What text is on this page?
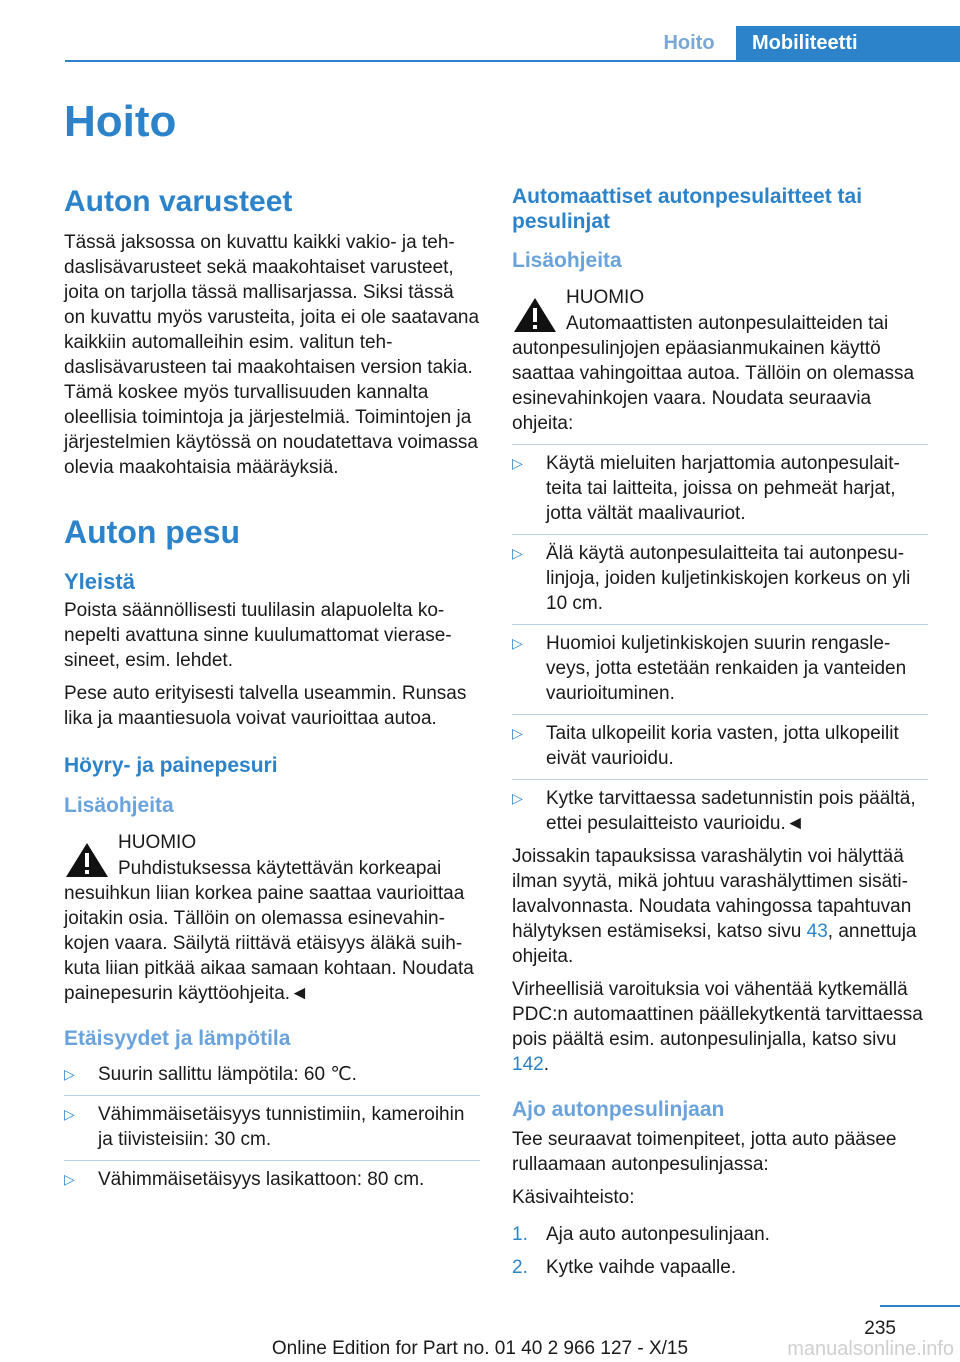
Hoito	Mobiliteetti
Hoito
Auton varusteet

Tässä jaksossa on kuvattu kaikki vakio- ja tehdaslisävarusteet sekä maakohtaiset varusteet, joita on tarjolla tässä mallisarjassa. Siksi tässä on kuvattu myös varusteita, joita ei ole saatavana kaikkiin automalleihin esim. valitun tehdaslisävarusteen tai maakohtaisen version takia. Tämä koskee myös turvallisuuden kannalta oleellisia toimintoja ja järjestelmiä. Toimintojen ja järjestelmien käytössä on noudatettava voimassa olevia maakohtaisia määräyksiä.

Auton pesu
Yleistä

Poista säännöllisesti tuulilasin alapuolelta konepelti avattuna sinne kuulumattomat vierasesineet, esim. lehdet.

Pese auto erityisesti talvella useammin. Runsas lika ja maantiesuola voivat vaurioittaa autoa.

Höyry- ja painepesuri
Lisäohjeita
HUOMIO
Puhdistuksessa käytettävän korkeapai

nesuihkun liian korkea paine saattaa vaurioittaa joitakin osia. Tällöin on olemassa esinevahinkojen vaara. Säilytä riittävä etäisyys äläkä suihkuta liian pitkää aikaa samaan kohtaan. Noudata painepesurin käyttöohjeita.◄

Etäisyydet ja lämpötila
▷ Suurin sallittu lämpötila: 60 ℃.
▷ Vähimmäisetäisyys tunnistimiin, kameroihin ja tiivisteisiin: 30 cm.
▷ Vähimmäisetäisyys lasikattoon: 80 cm.
Automaattiset autonpesulaitteet tai pesulinjat
Lisäohjeita
HUOMIO
Automaattisten autonpesulaitteiden tai

autonpesulinjojen epäasianmukainen käyttö saattaa vahingoittaa autoa. Tällöin on olemassa esinevahinkojen vaara. Noudata seuraavia ohjeita:

▷ Käytä mieluiten harjattomia autonpesulaitteita tai laitteita, joissa on pehmeät harjat, jotta vältät maalivauriot.
▷ Älä käytä autonpesulaitteita tai autonpesulinjoja, joiden kuljetinkiskojen korkeus on yli 10 cm.
▷ Huomioi kuljetinkiskojen suurin rengasleveys, jotta estetään renkaiden ja vanteiden vaurioituminen.
▷ Taita ulkopeilit koria vasten, jotta ulkopeilit eivät vaurioidu.
▷ Kytke tarvittaessa sadetunnistin pois päältä, ettei pesulaitteisto vaurioidu.◄

Joissakin tapauksissa varashälytin voi hälyttää ilman syytä, mikä johtuu varashälyttimen sisätilavalvonnasta. Noudata vahingossa tapahtuvan hälytyksen estämiseksi, katso sivu 43, annettuja ohjeita.

Virheellisiä varoituksia voi vähentää kytkemällä PDC:n automaattinen päällekytkentä tarvittaessa pois päältä esim. autonpesulinjalla, katso sivu 142.

Ajo autonpesulinjaan

Tee seuraavat toimenpiteet, jotta auto pääsee rullaamaan autonpesulinjassa:

Käsivaihteisto:

1. Aja auto autonpesulinjaan.
2. Kytke vaihde vapaalle.
235
Online Edition for Part no. 01 40 2 966 127 - X/15	manualsonline.info
